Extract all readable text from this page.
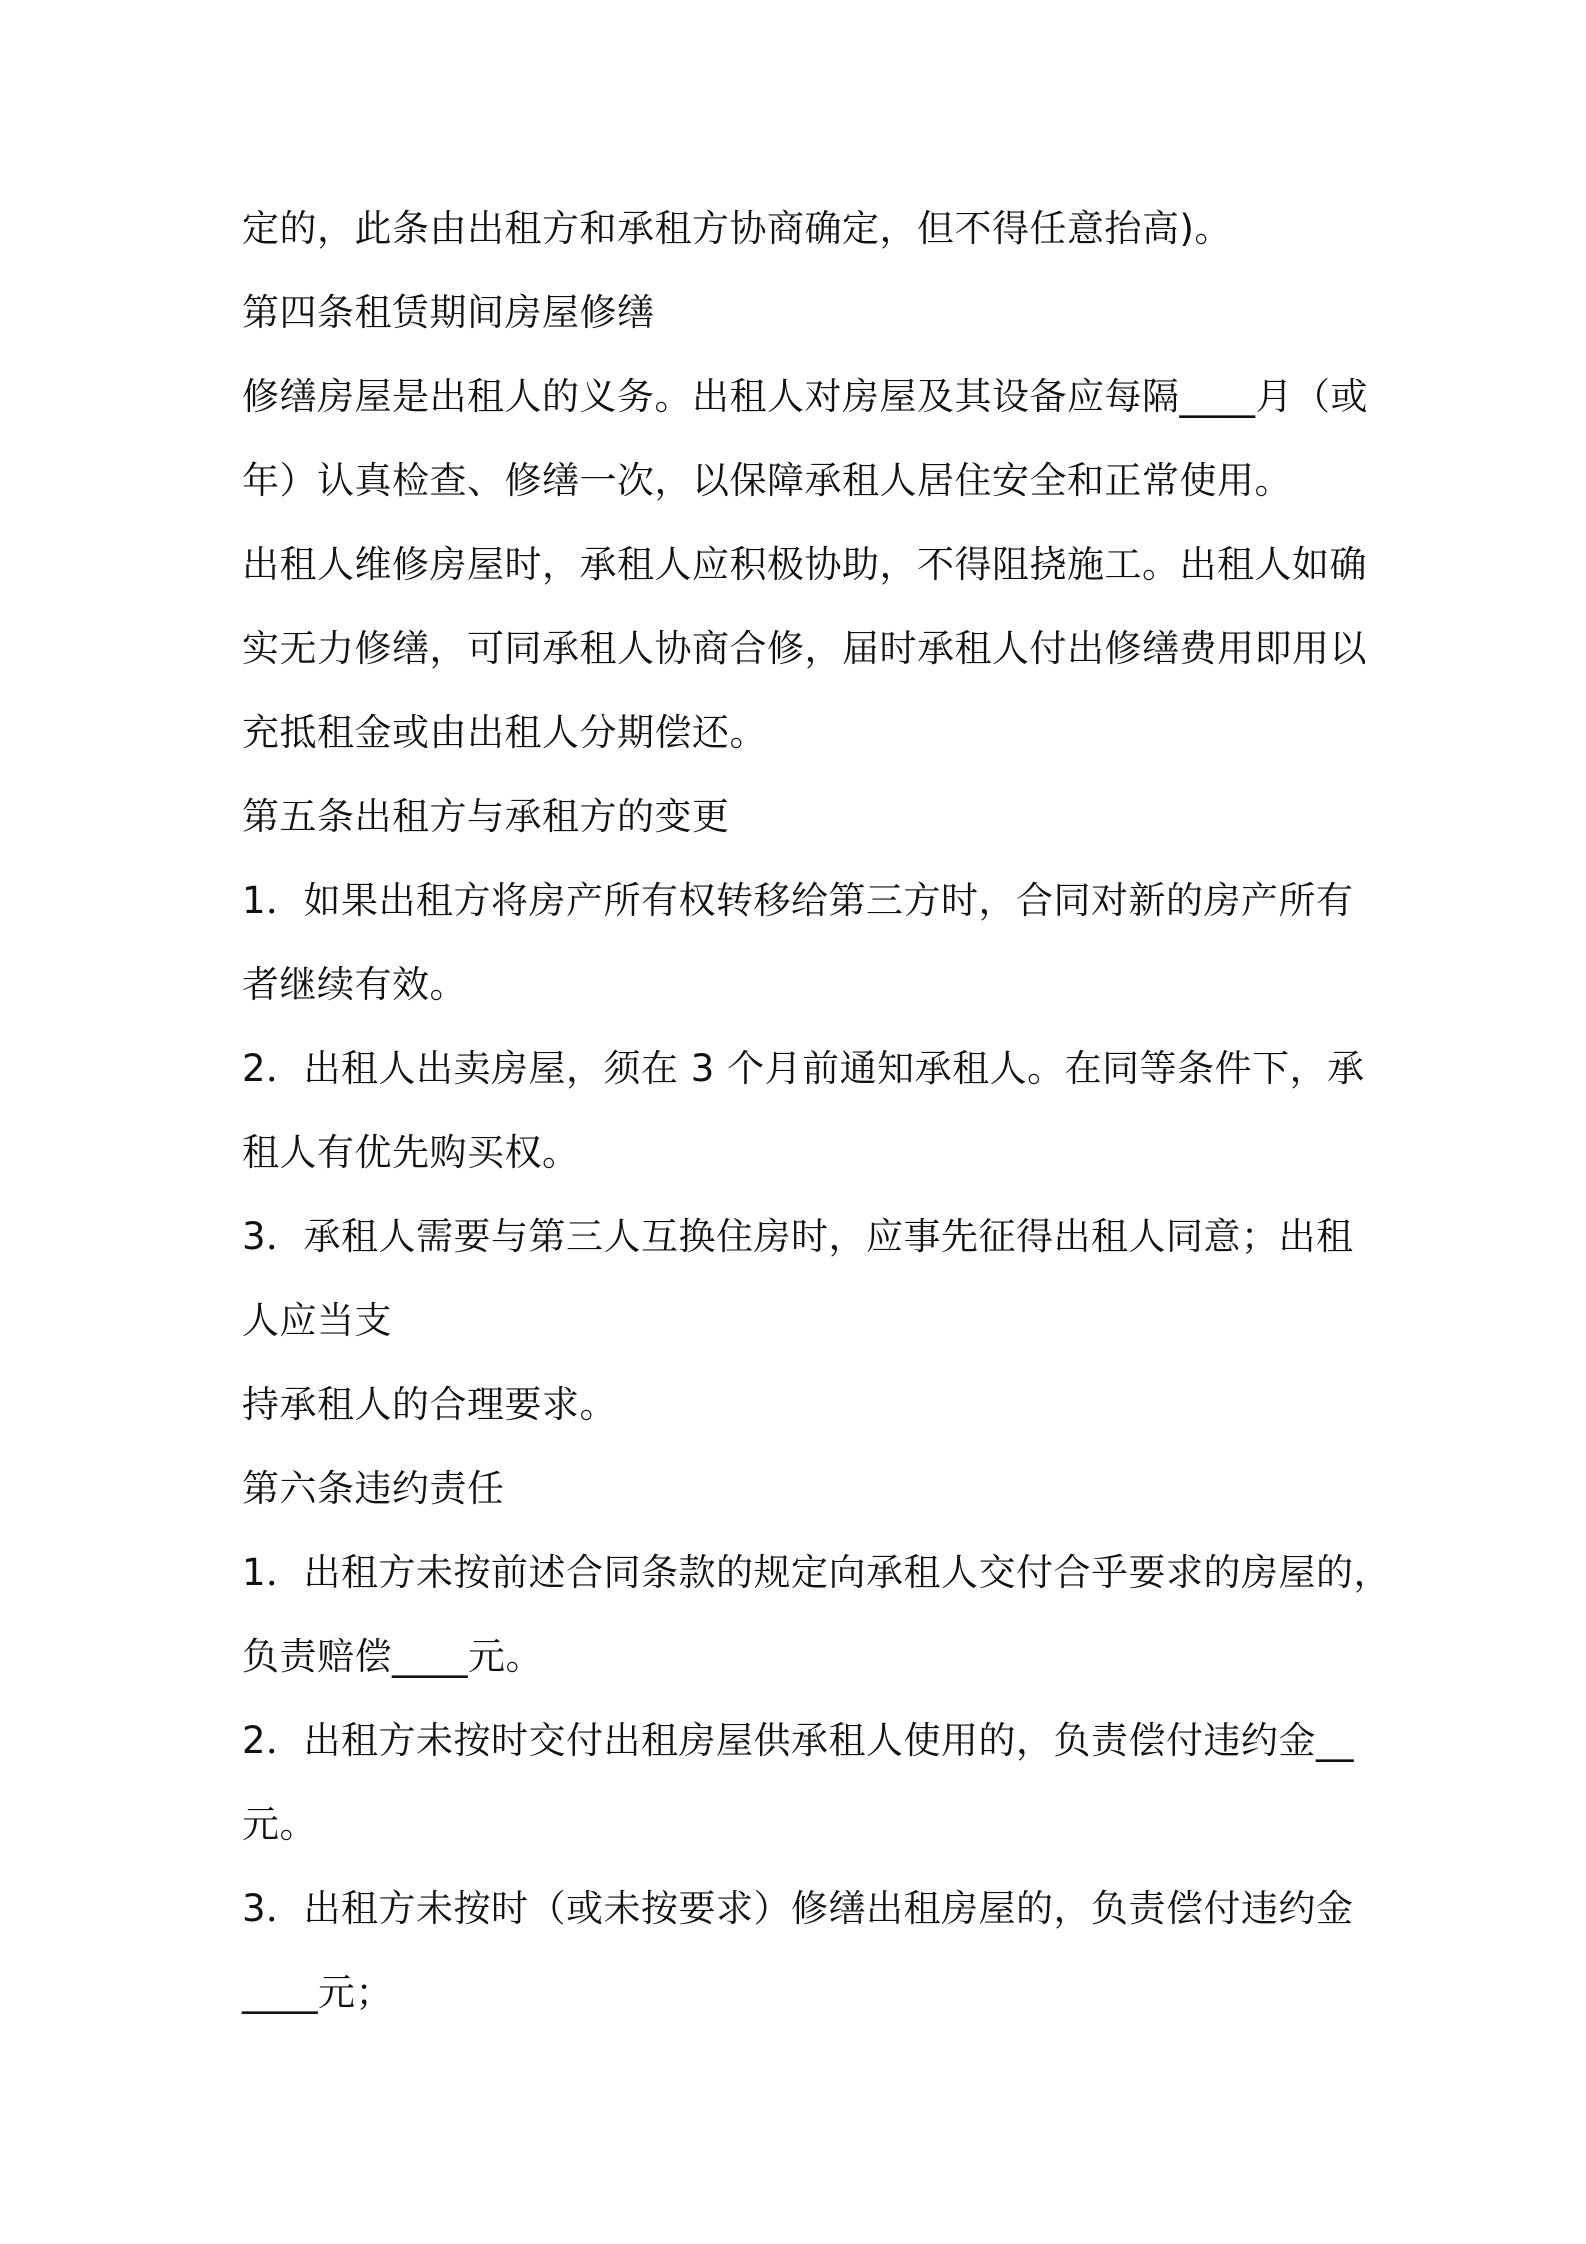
定的，此条由出租方和承租方协商确定，但不得任意抬高)。
第四条租赁期间房屋修缮
修缮房屋是出租人的义务。出租人对房屋及其设备应每隔____月（或
年）认真检查、修缮一次，以保障承租人居住安全和正常使用。
出租人维修房屋时，承租人应积极协助，不得阻挠施工。出租人如确
实无力修缮，可同承租人协商合修，届时承租人付出修缮费用即用以
充抵租金或由出租人分期偿还。
第五条出租方与承租方的变更
1．如果出租方将房产所有权转移给第三方时，合同对新的房产所有
者继续有效。
2．出租人出卖房屋，须在 3 个月前通知承租人。在同等条件下，承
租人有优先购买权。
3．承租人需要与第三人互换住房时，应事先征得出租人同意；出租
人应当支
持承租人的合理要求。
第六条违约责任
1．出租方未按前述合同条款的规定向承租人交付合乎要求的房屋的，
负责赔偿____元。
2．出租方未按时交付出租房屋供承租人使用的，负责偿付违约金__
元。
3．出租方未按时（或未按要求）修缮出租房屋的，负责偿付违约金
____元；
